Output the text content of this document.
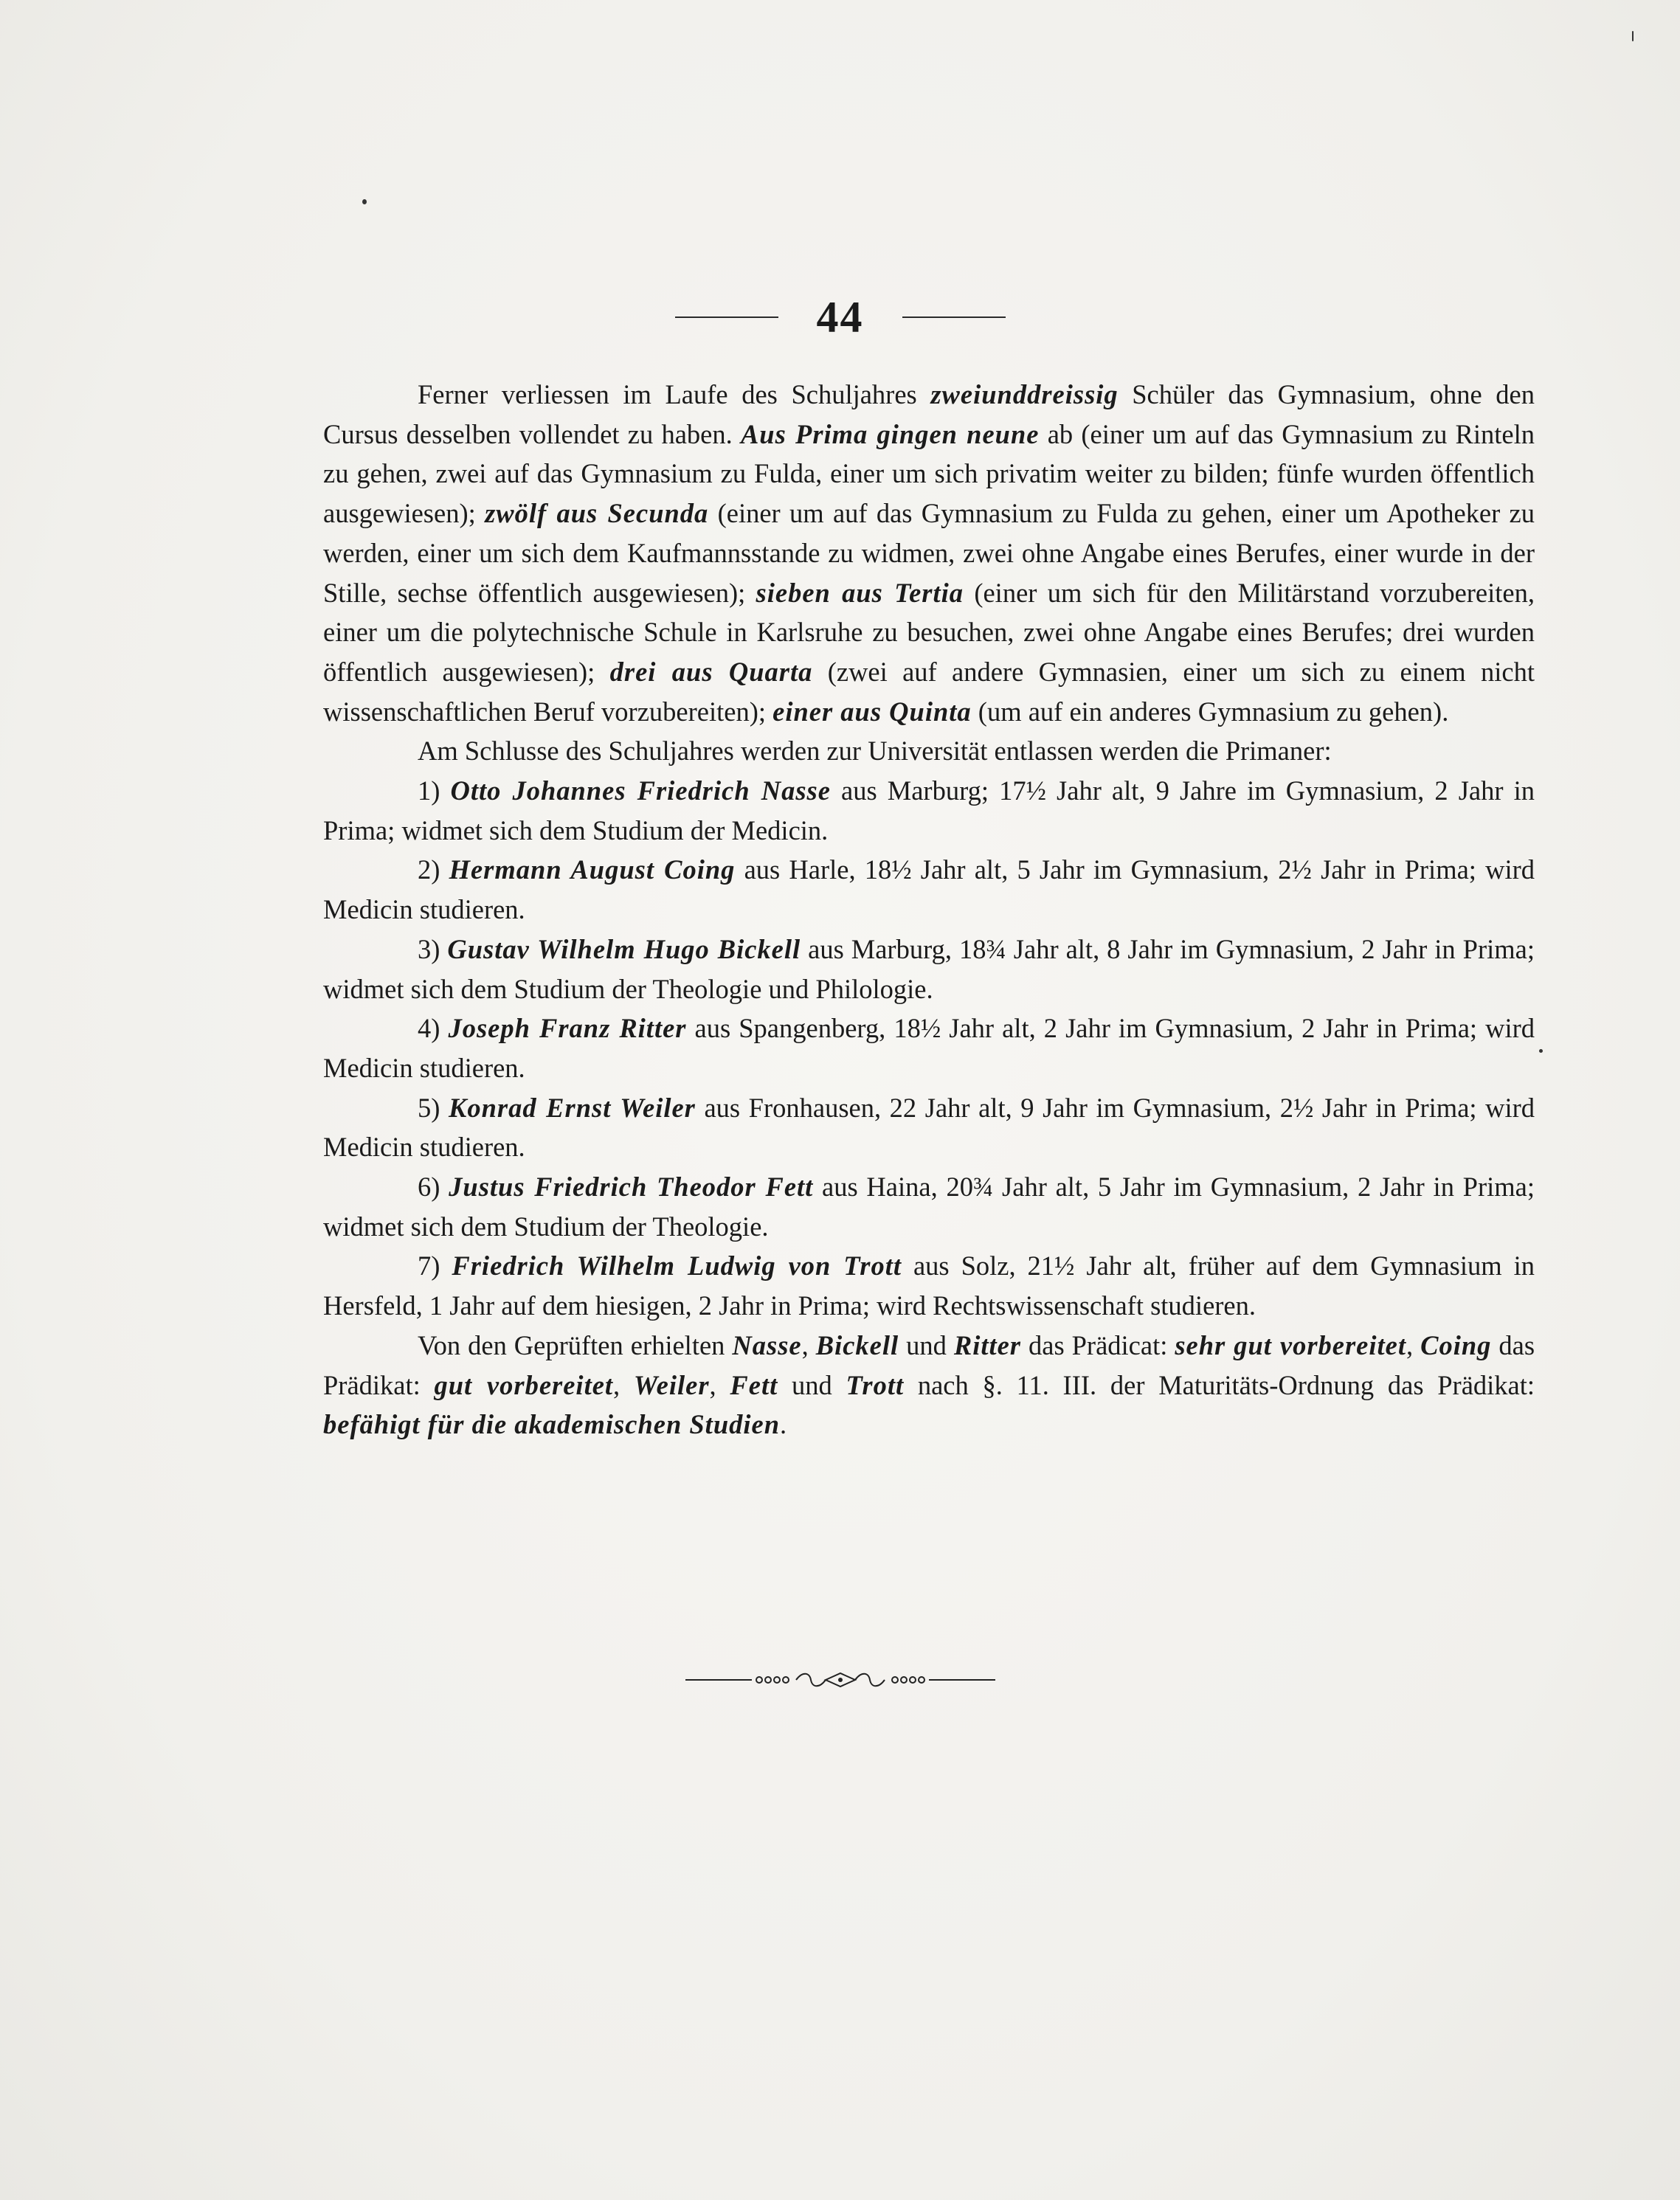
44

Ferner verliessen im Laufe des Schuljahres zweiunddreissig Schüler das Gymnasium, ohne den Cursus desselben vollendet zu haben. Aus Prima gingen neune ab (einer um auf das Gymnasium zu Rinteln zu gehen, zwei auf das Gymnasium zu Fulda, einer um sich privatim weiter zu bilden; fünfe wurden öffentlich ausgewiesen); zwölf aus Secunda (einer um auf das Gymnasium zu Fulda zu gehen, einer um Apotheker zu werden, einer um sich dem Kaufmannsstande zu widmen, zwei ohne Angabe eines Berufes, einer wurde in der Stille, sechse öffentlich ausgewiesen); sieben aus Tertia (einer um sich für den Militärstand vorzubereiten, einer um die polytechnische Schule in Karlsruhe zu besuchen, zwei ohne Angabe eines Berufes; drei wurden öffentlich ausgewiesen); drei aus Quarta (zwei auf andere Gymnasien, einer um sich zu einem nicht wissenschaftlichen Beruf vorzubereiten); einer aus Quinta (um auf ein anderes Gymnasium zu gehen).

Am Schlusse des Schuljahres werden zur Universität entlassen werden die Primaner:

1) Otto Johannes Friedrich Nasse aus Marburg; 17½ Jahr alt, 9 Jahre im Gymnasium, 2 Jahr in Prima; widmet sich dem Studium der Medicin.

2) Hermann August Coing aus Harle, 18½ Jahr alt, 5 Jahr im Gymnasium, 2½ Jahr in Prima; wird Medicin studieren.

3) Gustav Wilhelm Hugo Bickell aus Marburg, 18¾ Jahr alt, 8 Jahr im Gymnasium, 2 Jahr in Prima; widmet sich dem Studium der Theologie und Philologie.

4) Joseph Franz Ritter aus Spangenberg, 18½ Jahr alt, 2 Jahr im Gymnasium, 2 Jahr in Prima; wird Medicin studieren.

5) Konrad Ernst Weiler aus Fronhausen, 22 Jahr alt, 9 Jahr im Gymnasium, 2½ Jahr in Prima; wird Medicin studieren.

6) Justus Friedrich Theodor Fett aus Haina, 20¾ Jahr alt, 5 Jahr im Gymnasium, 2 Jahr in Prima; widmet sich dem Studium der Theologie.

7) Friedrich Wilhelm Ludwig von Trott aus Solz, 21½ Jahr alt, früher auf dem Gymnasium in Hersfeld, 1 Jahr auf dem hiesigen, 2 Jahr in Prima; wird Rechtswissenschaft studieren.

Von den Geprüften erhielten Nasse, Bickell und Ritter das Prädicat: sehr gut vorbereitet, Coing das Prädikat: gut vorbereitet, Weiler, Fett und Trott nach §. 11. III. der Maturitäts-Ordnung das Prädikat: befähigt für die akademischen Studien.
